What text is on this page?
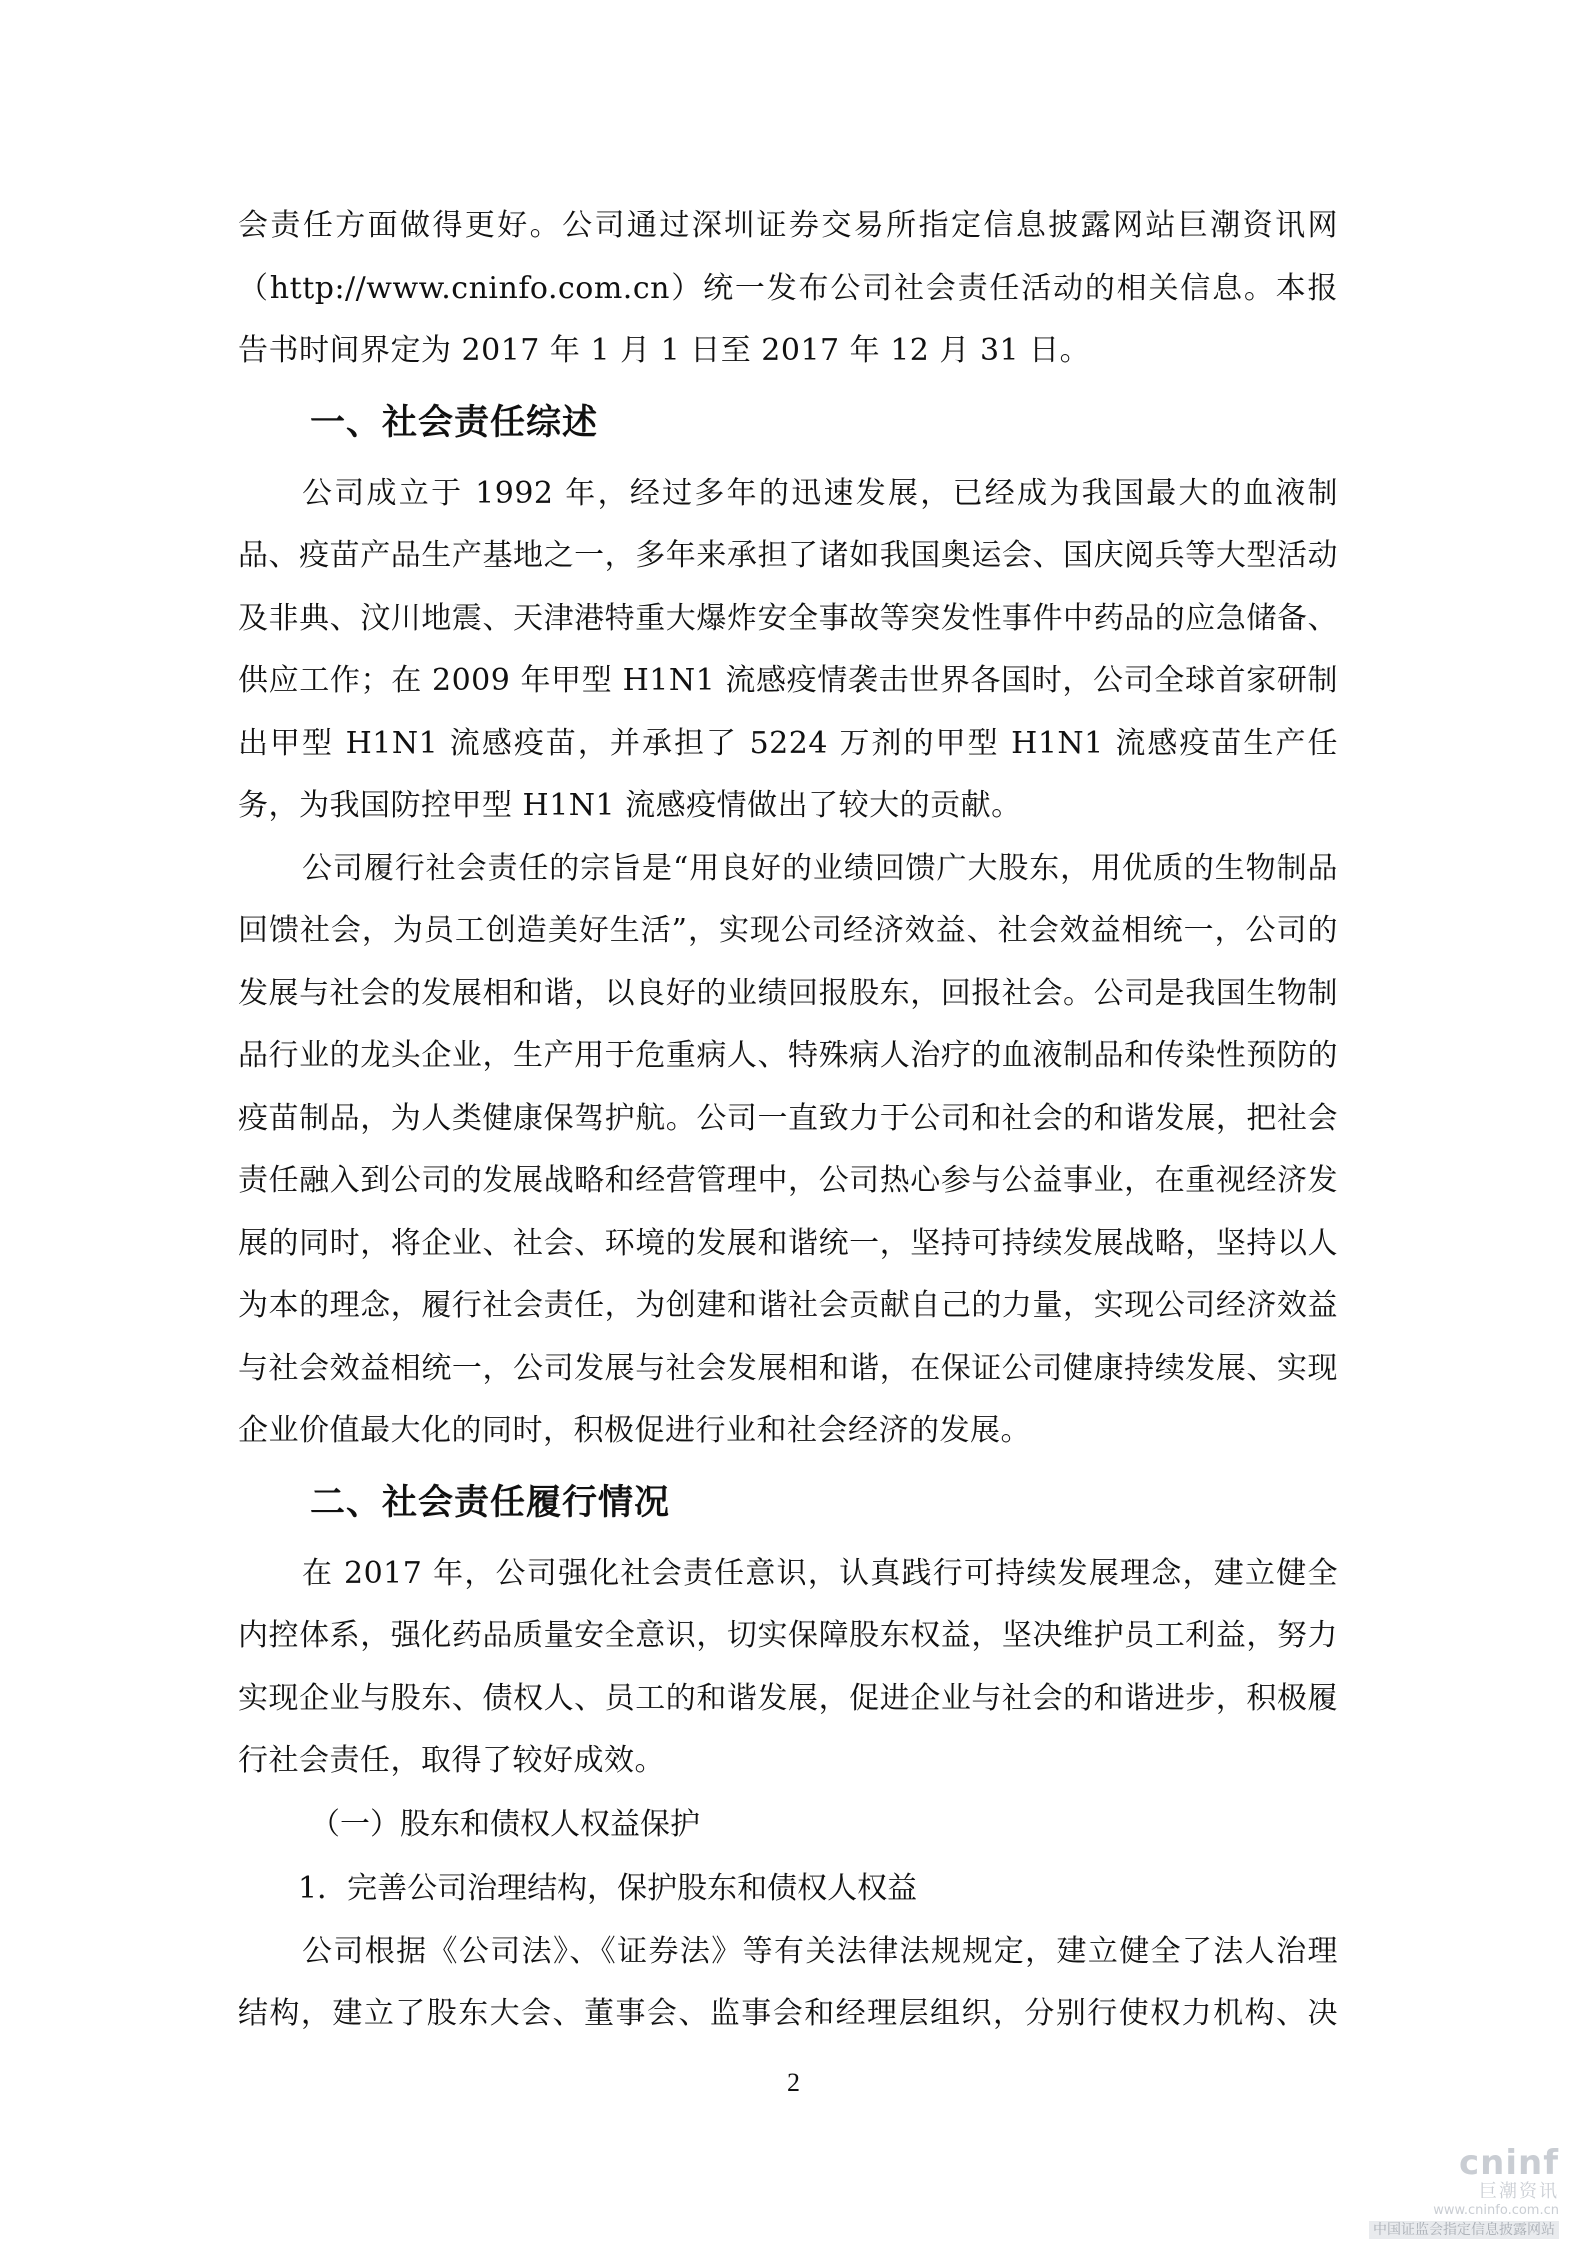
会责任方面做得更好。公司通过深圳证券交易所指定信息披露网站巨潮资讯网（http://www.cninfo.com.cn）统一发布公司社会责任活动的相关信息。本报告书时间界定为 2017 年 1 月 1 日至 2017 年 12 月 31 日。

一、社会责任综述

公司成立于 1992 年，经过多年的迅速发展，已经成为我国最大的血液制品、疫苗产品生产基地之一，多年来承担了诸如我国奥运会、国庆阅兵等大型活动及非典、汶川地震、天津港特重大爆炸安全事故等突发性事件中药品的应急储备、供应工作；在 2009 年甲型 H1N1 流感疫情袭击世界各国时，公司全球首家研制出甲型 H1N1 流感疫苗，并承担了 5224 万剂的甲型 H1N1 流感疫苗生产任务，为我国防控甲型 H1N1 流感疫情做出了较大的贡献。

公司履行社会责任的宗旨是“用良好的业绩回馈广大股东，用优质的生物制品回馈社会，为员工创造美好生活”，实现公司经济效益、社会效益相统一，公司的发展与社会的发展相和谐，以良好的业绩回报股东，回报社会。公司是我国生物制品行业的龙头企业，生产用于危重病人、特殊病人治疗的血液制品和传染性预防的疫苗制品，为人类健康保驾护航。公司一直致力于公司和社会的和谐发展，把社会责任融入到公司的发展战略和经营管理中，公司热心参与公益事业，在重视经济发展的同时，将企业、社会、环境的发展和谐统一，坚持可持续发展战略，坚持以人为本的理念，履行社会责任，为创建和谐社会贡献自己的力量，实现公司经济效益与社会效益相统一，公司发展与社会发展相和谐，在保证公司健康持续发展、实现企业价值最大化的同时，积极促进行业和社会经济的发展。

二、社会责任履行情况

在 2017 年，公司强化社会责任意识，认真践行可持续发展理念，建立健全内控体系，强化药品质量安全意识，切实保障股东权益，坚决维护员工利益，努力实现企业与股东、债权人、员工的和谐发展，促进企业与社会的和谐进步，积极履行社会责任，取得了较好成效。

（一）股东和债权人权益保护

1．完善公司治理结构，保护股东和债权人权益

公司根据《公司法》、《证券法》等有关法律法规规定，建立健全了法人治理结构，建立了股东大会、董事会、监事会和经理层组织，分别行使权力机构、决

2
cninf
巨潮资讯
www.cninfo.com.cn
中国证监会指定信息披露网站
